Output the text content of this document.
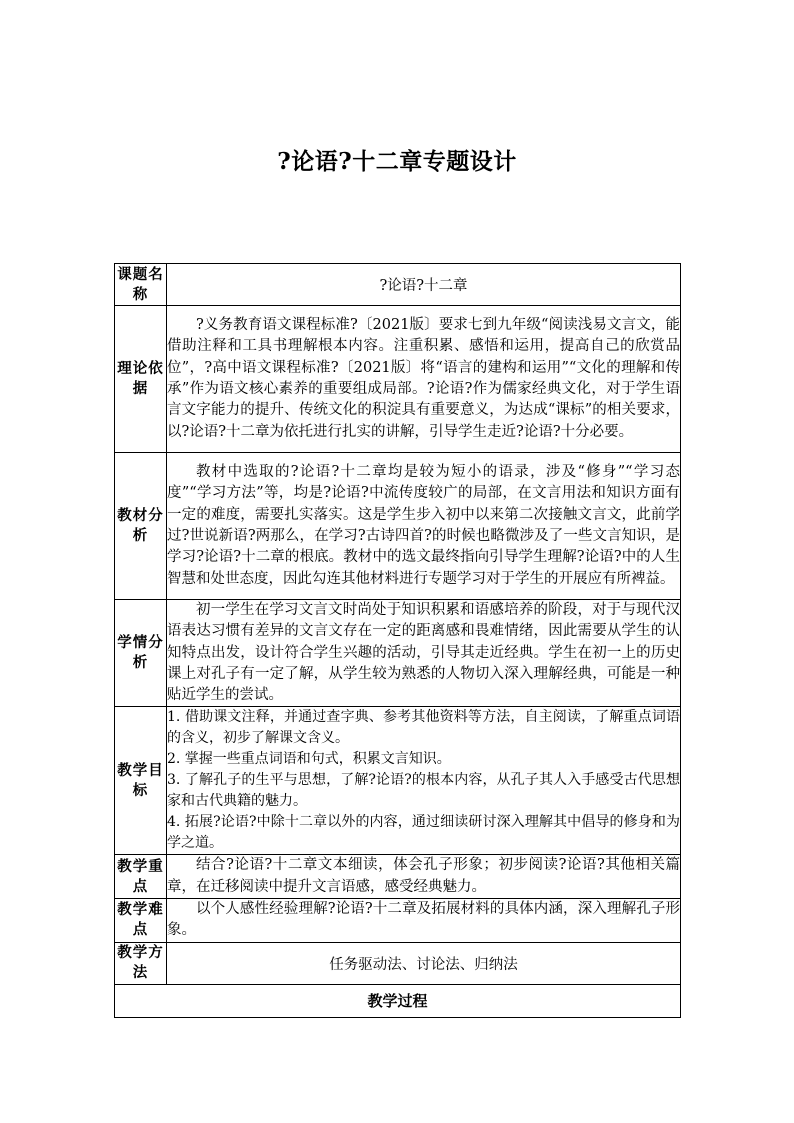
?论语?十二章专题设计
课题名称	?论语?十二章
理论依据	?义务教育语文课程标准?〔2021版〕要求七到九年级“阅读浅易文言文，能借助注释和工具书理解根本内容。注重积累、感悟和运用，提高自己的欣赏品位”，?高中语文课程标准?〔2021版〕将“语言的建构和运用”“文化的理解和传承”作为语文核心素养的重要组成局部。?论语?作为儒家经典文化，对于学生语言文字能力的提升、传统文化的积淀具有重要意义，为达成“课标”的相关要求，以?论语?十二章为依托进行扎实的讲解，引导学生走近?论语?十分必要。
教材分析	教材中选取的?论语?十二章均是较为短小的语录，涉及“修身”“学习态度”“学习方法”等，均是?论语?中流传度较广的局部，在文言用法和知识方面有一定的难度，需要扎实落实。这是学生步入初中以来第二次接触文言文，此前学过?世说新语?两那么，在学习?古诗四首?的时候也略微涉及了一些文言知识，是学习?论语?十二章的根底。教材中的选文最终指向引导学生理解?论语?中的人生智慧和处世态度，因此勾连其他材料进行专题学习对于学生的开展应有所裨益。
学情分析	初一学生在学习文言文时尚处于知识积累和语感培养的阶段，对于与现代汉语表达习惯有差异的文言文存在一定的距离感和畏难情绪，因此需要从学生的认知特点出发，设计符合学生兴趣的活动，引导其走近经典。学生在初一上的历史课上对孔子有一定了解，从学生较为熟悉的人物切入深入理解经典，可能是一种贴近学生的尝试。
教学目标	1. 借助课文注释，并通过查字典、参考其他资料等方法，自主阅读，了解重点词语的含义，初步了解课文含义。
2. 掌握一些重点词语和句式，积累文言知识。
3. 了解孔子的生平与思想，了解?论语?的根本内容，从孔子其人入手感受古代思想家和古代典籍的魅力。
4. 拓展?论语?中除十二章以外的内容，通过细读研讨深入理解其中倡导的修身和为学之道。

教学重点	结合?论语?十二章文本细读，体会孔子形象；初步阅读?论语?其他相关篇章，在迁移阅读中提升文言语感，感受经典魅力。
教学难点	以个人感性经验理解?论语?十二章及拓展材料的具体内涵，深入理解孔子形象。
教学方法	任务驱动法、讨论法、归纳法
教学过程	
